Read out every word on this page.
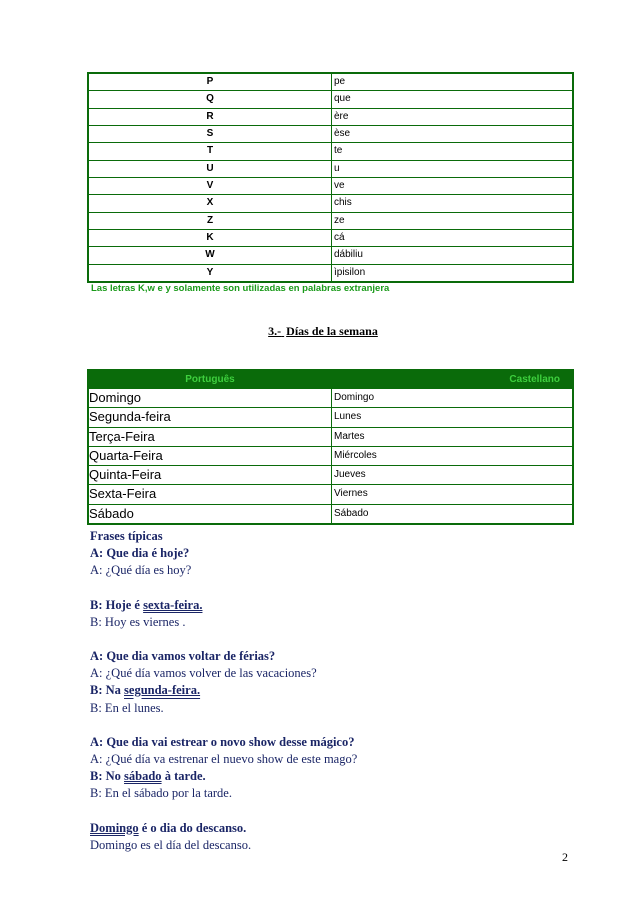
P	pe
Q	que
R	ère
S	èse
T	te
U	u
V	ve
X	chis
Z	ze
K	cá
W	dábiliu
Y	ìpisilon
Las letras K,w e y solamente son utilizadas en palabras extranjera
3.- Días de la semana
Português	Castellano
Domingo	Domingo
Segunda-feira	Lunes
Terça-Feira	Martes
Quarta-Feira	Miércoles
Quinta-Feira	Jueves
Sexta-Feira	Viernes
Sábado	Sábado

Frases típicas

A: Que dia é hoje?

A: ¿Qué día es hoy?

B: Hoje é sexta-feira.

B: Hoy es viernes .

A: Que dia vamos voltar de férias?

A: ¿Qué día vamos volver de las vacaciones?

B: Na segunda-feira.

B: En el lunes.

A: Que dia vai estrear o novo show desse mágico?

A: ¿Qué día va estrenar el nuevo show de este mago?

B: No sábado à tarde.

B: En el sábado por la tarde.

Domingo é o dia do descanso.

Domingo es el día del descanso.

2
